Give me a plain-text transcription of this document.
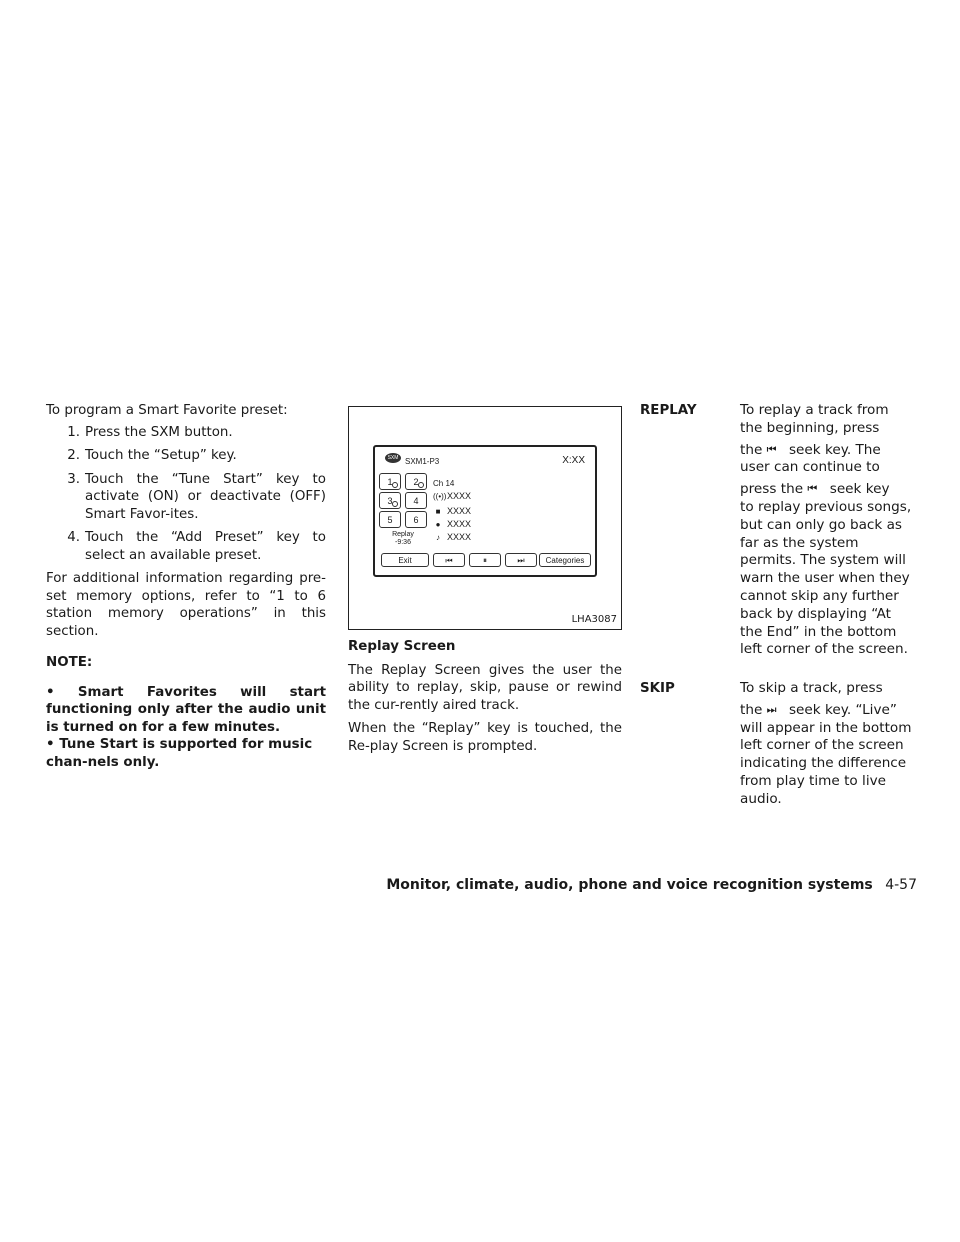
To program a Smart Favorite preset:

1. Press the SXM button.
2. Touch the “Setup” key.
3. Touch the “Tune Start” key to activate (ON) or deactivate (OFF) Smart Favor-ites.
4. Touch the “Add Preset” key to select an available preset.

For additional information regarding pre-set memory options, refer to “1 to 6 station memory operations” in this section.

NOTE:

• Smart Favorites will start functioning only after the audio unit is turned on for a few minutes.

• Tune Start is supported for music chan-nels only.

SXM SXM1-P3	X:XX
1	2
3	4
5	6
Replay
-9:36
Ch 14
((•)) XXXX
■ XXXX
● XXXX
♪ XXXX
Exit	⏮	⏸	⏭	Categories
LHA3087

Replay Screen

The Replay Screen gives the user the ability to replay, skip, pause or rewind the cur-rently aired track.

When the “Replay” key is touched, the Re-play Screen is prompted.

REPLAY	To replay a track from
the beginning, press
the ⏮ seek key. The
user can continue to
press the ⏮ seek key
to replay previous songs,
but can only go back as
far as the system
permits. The system will
warn the user when they
cannot skip any further
back by displaying “At
the End” in the bottom
left corner of the screen.
SKIP	To skip a track, press
the ⏭ seek key. “Live”
will appear in the bottom
left corner of the screen
indicating the difference
from play time to live
audio.
Monitor, climate, audio, phone and voice recognition systems 4-57
